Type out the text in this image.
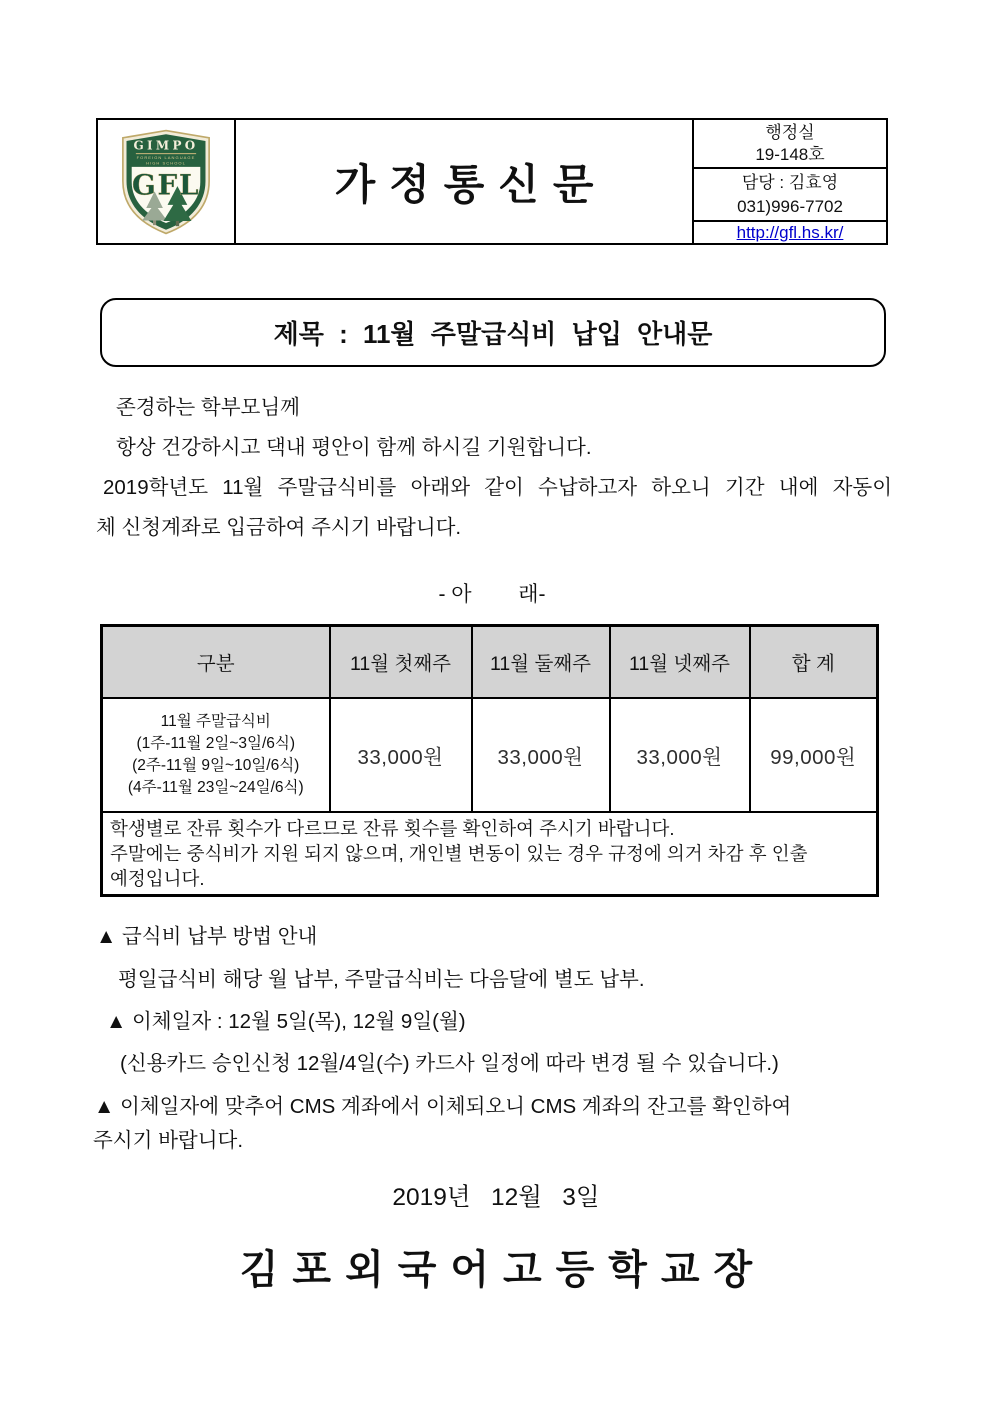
GIMPO
FOREIGN LANGUAGE
HIGH SCHOOL
GFL	가정통신문
행정실
19-148호
담당 : 김효영
031)996-7702
http://gfl.hs.kr/
제목 : 11월 주말급식비 납입 안내문
존경하는 학부모님께
항상 건강하시고 댁내 평안이 함께 하시길 기원합니다.
2019학년도 11월 주말급식비를 아래와 같이 수납하고자 하오니 기간 내에 자동이
체 신청계좌로 입금하여 주시기 바랍니다.
- 아        래-
구분	11월 첫째주	11월 둘째주	11월 넷째주	합 계

11월 주말급식비
(1주-11월 2일~3일/6식)
(2주-11월 9일~10일/6식)
(4주-11월 23일~24일/6식)	33,000원	33,000원	33,000원	99,000원

학생별로 잔류 횟수가 다르므로 잔류 횟수를 확인하여 주시기 바랍니다.
주말에는 중식비가 지원 되지 않으며, 개인별 변동이 있는 경우 규정에 의거 차감 후 인출
예정입니다.				
▲ 급식비 납부 방법 안내
평일급식비 해당 월 납부, 주말급식비는 다음달에 별도 납부.
▲ 이체일자 : 12월 5일(목), 12월 9일(월)
(신용카드 승인신청 12월/4일(수) 카드사 일정에 따라 변경 될 수 있습니다.)
▲ 이체일자에 맞추어 CMS 계좌에서 이체되오니 CMS 계좌의 잔고를 확인하여
주시기 바랍니다.
2019년   12월   3일
김포외국어고등학교장
